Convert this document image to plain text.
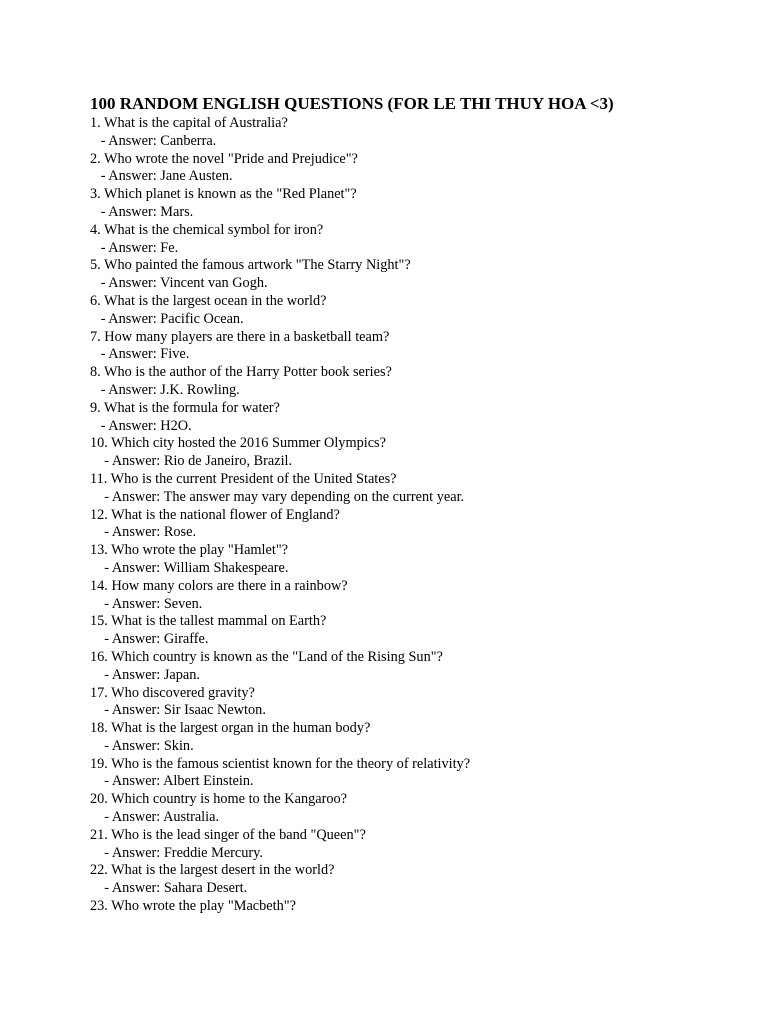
100 RANDOM ENGLISH QUESTIONS (FOR LE THI THUY HOA <3)
1. What is the capital of Australia?
- Answer: Canberra.
2. Who wrote the novel "Pride and Prejudice"?
- Answer: Jane Austen.
3. Which planet is known as the "Red Planet"?
- Answer: Mars.
4. What is the chemical symbol for iron?
- Answer: Fe.
5. Who painted the famous artwork "The Starry Night"?
- Answer: Vincent van Gogh.
6. What is the largest ocean in the world?
- Answer: Pacific Ocean.
7. How many players are there in a basketball team?
- Answer: Five.
8. Who is the author of the Harry Potter book series?
- Answer: J.K. Rowling.
9. What is the formula for water?
- Answer: H2O.
10. Which city hosted the 2016 Summer Olympics?
- Answer: Rio de Janeiro, Brazil.
11. Who is the current President of the United States?
- Answer: The answer may vary depending on the current year.
12. What is the national flower of England?
- Answer: Rose.
13. Who wrote the play "Hamlet"?
- Answer: William Shakespeare.
14. How many colors are there in a rainbow?
- Answer: Seven.
15. What is the tallest mammal on Earth?
- Answer: Giraffe.
16. Which country is known as the "Land of the Rising Sun"?
- Answer: Japan.
17. Who discovered gravity?
- Answer: Sir Isaac Newton.
18. What is the largest organ in the human body?
- Answer: Skin.
19. Who is the famous scientist known for the theory of relativity?
- Answer: Albert Einstein.
20. Which country is home to the Kangaroo?
- Answer: Australia.
21. Who is the lead singer of the band "Queen"?
- Answer: Freddie Mercury.
22. What is the largest desert in the world?
- Answer: Sahara Desert.
23. Who wrote the play "Macbeth"?
